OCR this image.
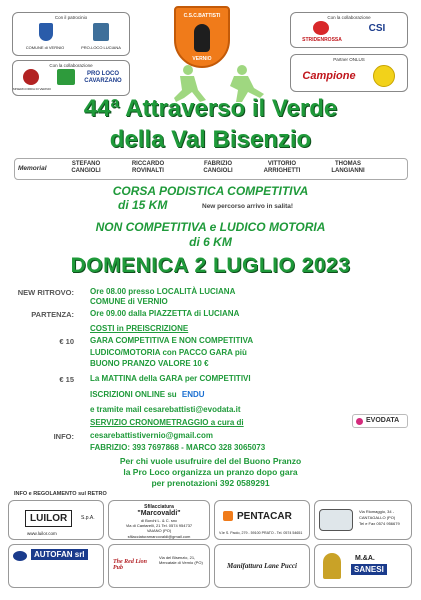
Con il patrocinio
COMUNE di VERNIO	PRO-LOCO LUCIANA
Con la collaborazione
MISERICORDIA DI VERNIO
PRO LOCO
CAVARZANO
C.S.C.BATTISTI
VERNIO
Con la collaborazione
STRIDENROSSA
CSI
Partner ONLUS
Campione
44ª Attraverso il Verde
della Val Bisenzio
Memorial
STEFANO
CANGIOLI
RICCARDO
ROVINALTI
FABRIZIO
CANGIOLI
VITTORIO
ARRIGHETTI
THOMAS
LANGIANNI
CORSA PODISTICA COMPETITIVA
di 15 KM	New percorso arrivo in salita!
NON COMPETITIVA e LUDICO MOTORIA
di 6 KM
DOMENICA 2 LUGLIO 2023
NEW RITROVO: Ore 08.00 presso LOCALITÀ LUCIANA
COMUNE di VERNIO
PARTENZA: Ore 09.00 dalla PIAZZETTA di LUCIANA
COSTI in PREISCRIZIONE
€ 10 GARA COMPETITIVA E NON COMPETITIVA
LUDICO/MOTORIA con PACCO GARA più
BUONO PRANZO VALORE 10 €
€ 15 La MATTINA della GARA per COMPETITIVI
ISCRIZIONI ONLINE su ENDU
e tramite mail cesarebattisti@evodata.it
SERVIZIO CRONOMETRAGGIO a cura di	EVODATA
INFO: cesarebattistivernio@gmail.com
FABRIZIO: 393 7697868 - MARCO 328 3065073
Per chi vuole usufruire del del Buono Pranzo
la Pro Loco organizza un pranzo dopo gara
per prenotazioni 392 0589291
INFO e REGOLAMENTO sul RETRO
LUILOR	S.p.A.
www.luilor.com
Sfilacciatura
"Marcovaldi"
di Borchi L. & C. snc
Via di Cantarelli, 21 Tel. 0574 954737
VAIANO (PO)
sfilacciaturamarcovaldi@gmail.com
PENTACAR
V.le S. Paolo, 279 - 59100 PRATO - Tel. 0574 54651
Via Riomaggio, 34 -
CANTAGALLO (PO)
Tel e Fax 0574 956679
AUTOFAN srl
The Red Lion Pub
Via del Bisenzio, 21, Mercatale di Vernio (PO)	Manifattura Lane Pucci
M.&A.
SANESI
